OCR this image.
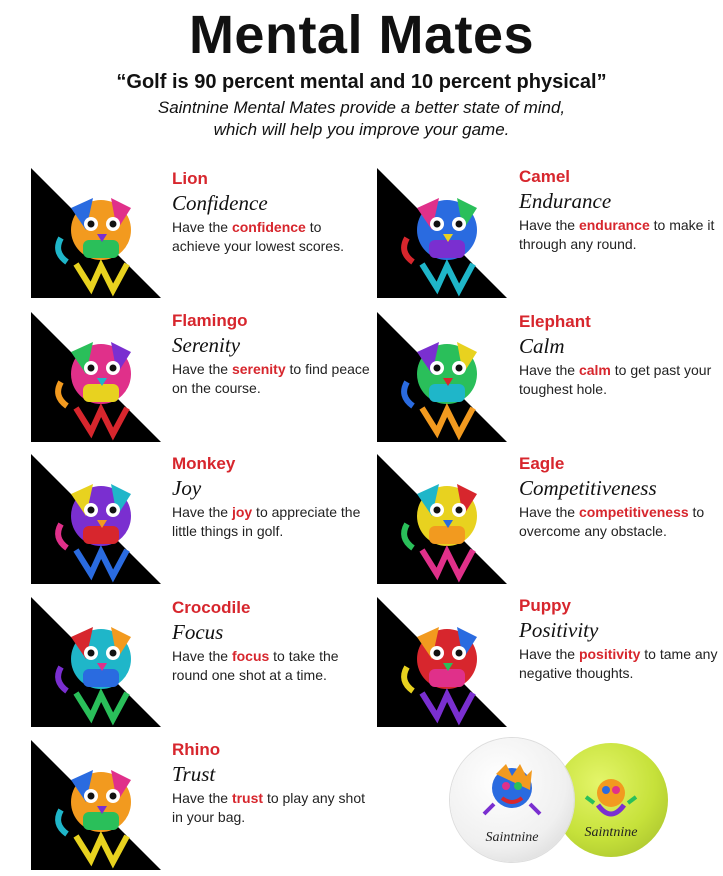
Mental Mates
“Golf is 90 percent mental and 10 percent physical”
Saintnine Mental Mates provide a better state of mind,
which will help you improve your game.
Lion
Confidence
Have the confidence to achieve your lowest scores.
Camel
Endurance
Have the endurance to make it through any round.
Flamingo
Serenity
Have the serenity to find peace on the course.
Elephant
Calm
Have the calm to get past your toughest hole.
Monkey
Joy
Have the joy to appreciate the little things in golf.
Eagle
Competitiveness
Have the competitiveness to overcome any obstacle.
Crocodile
Focus
Have the focus to take the round one shot at a time.
Puppy
Positivity
Have the positivity to tame any negative thoughts.
Rhino
Trust
Have the trust to play any shot in your bag.
Saintnine
Saintnine
